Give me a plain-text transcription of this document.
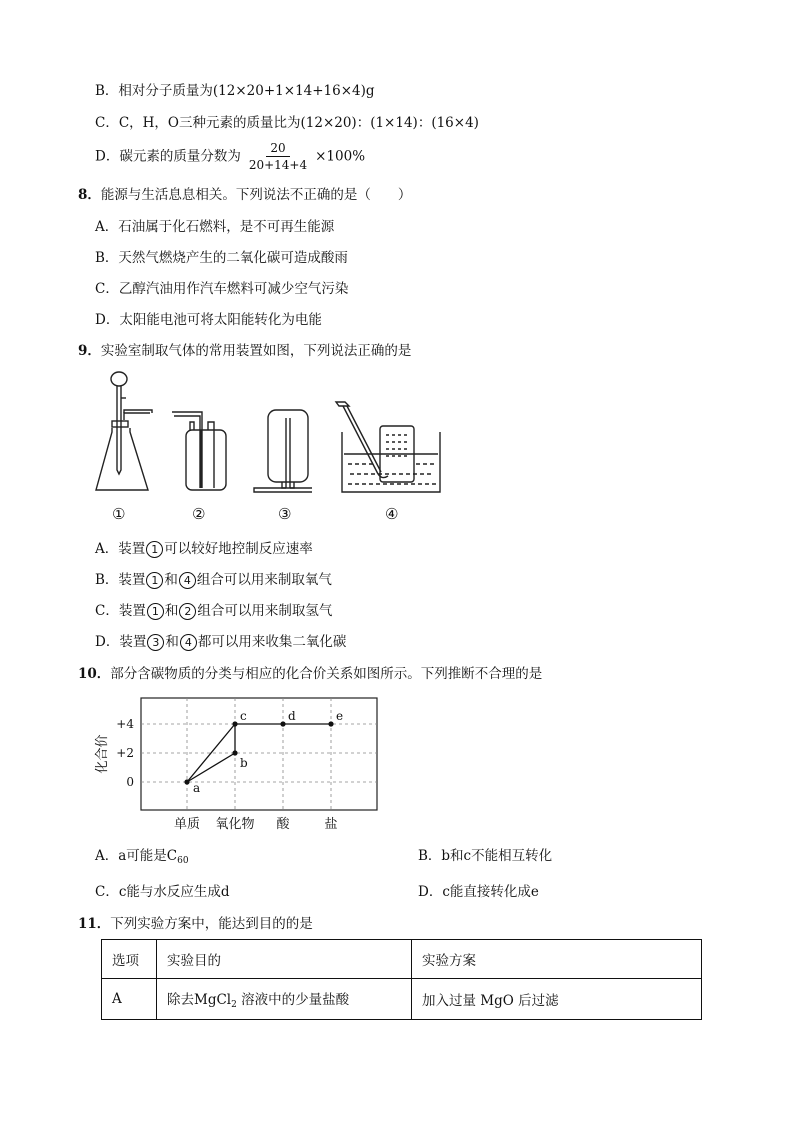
B．相对分子质量为(12×20+1×14+16×4)g
C．C，H，O三种元素的质量比为(12×20)：(1×14)：(16×4)
D．碳元素的质量分数为 $\frac{20}{20+14+4} \times 100\%$
8．能源与生活息息相关。下列说法不正确的是（　　）
A．石油属于化石燃料，是不可再生能源
B．天然气燃烧产生的二氧化碳可造成酸雨
C．乙醇汽油用作汽车燃料可减少空气污染
D．太阳能电池可将太阳能转化为电能
9．实验室制取气体的常用装置如图，下列说法正确的是
①	②	③	④
A．装置 1 可以较好地控制反应速率
B．装置 1 和 4 组合可以用来制取氧气
C．装置 1 和 2 组合可以用来制取氢气
D．装置 3 和 4 都可以用来收集二氧化碳
10．部分含碳物质的分类与相应的化合价关系如图所示。下列推断不合理的是
+4
+2
0
化合价
单质 氧化物 酸	盐
a
b
c	d	e
A．a可能是$C_{60}$	B．b和c不能相互转化
C．c能与水反应生成d	D．c能直接转化成e
11．下列实验方案中，能达到目的的是
选项	实验目的	实验方案
A	除去MgCl$_2$ 溶液中的少量盐酸	加入过量 MgO 后过滤
